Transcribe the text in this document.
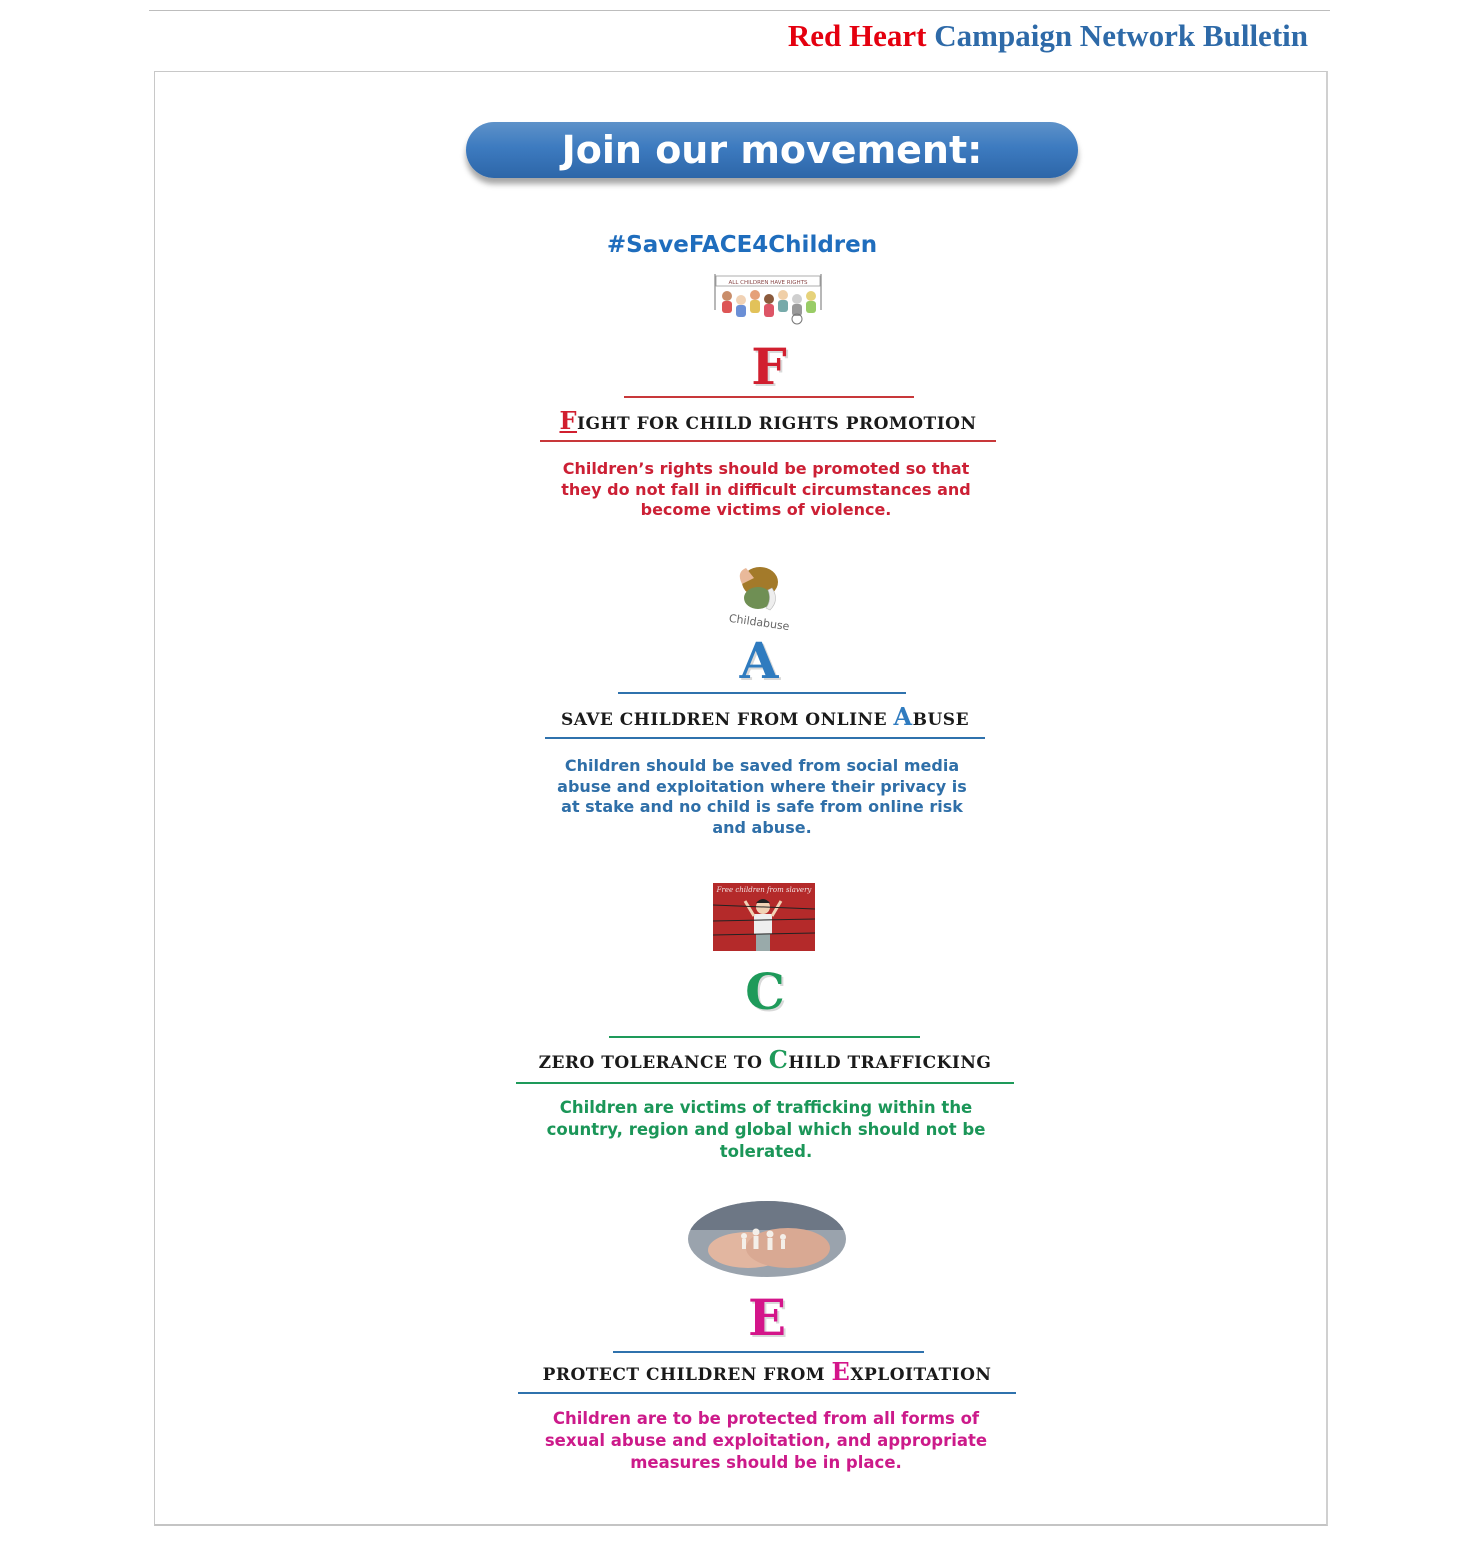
Red Heart Campaign Network Bulletin
Join our movement:
#SaveFACE4Children
ALL CHILDREN HAVE RIGHTS
F
FIGHT FOR CHILD RIGHTS PROMOTION
Children’s rights should be promoted so that they do not fall in difficult circumstances and become victims of violence.
Childabuse
A
SAVE CHILDREN FROM ONLINE ABUSE
Children should be saved from social media abuse and exploitation where their privacy is at stake and no child is safe from online risk and abuse.
Free children from slavery
C
ZERO TOLERANCE TO CHILD TRAFFICKING
Children are victims of trafficking within the country, region and global which should not be tolerated.
E
PROTECT CHILDREN FROM EXPLOITATION
Children are to be protected from all forms of sexual abuse and exploitation, and appropriate measures should be in place.
